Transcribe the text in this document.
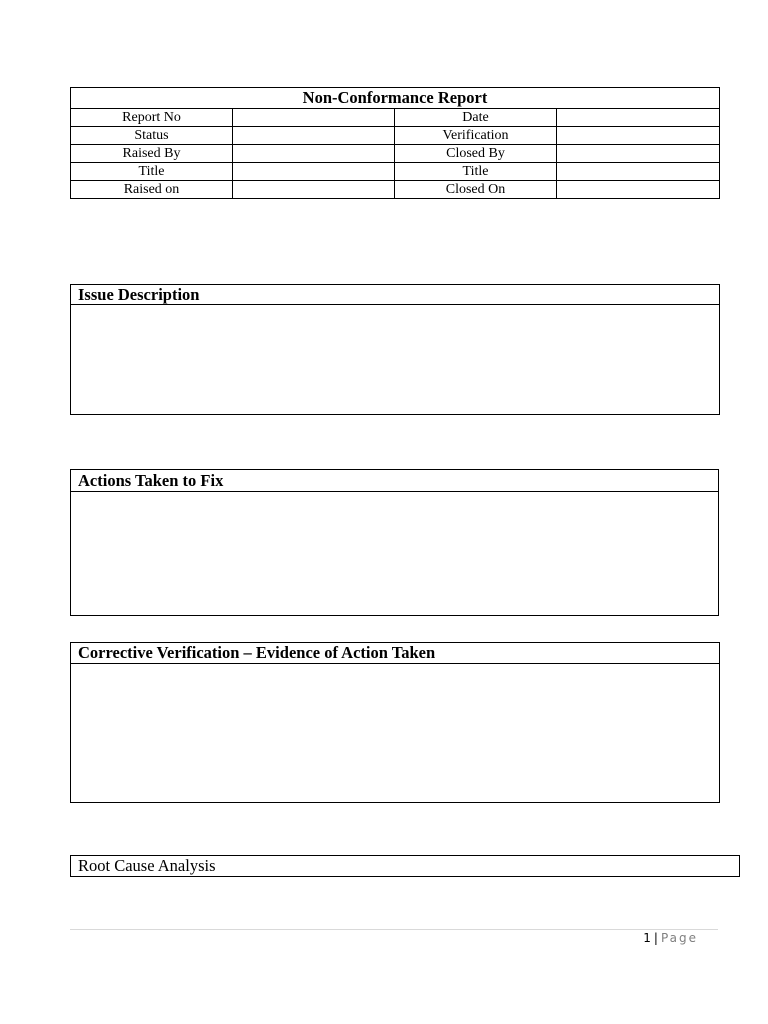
Non-Conformance Report			
Report No		Date	
Status		Verification	
Raised By		Closed By	
Title		Title	
Raised on		Closed On	
Issue Description
Actions Taken to Fix
Corrective Verification – Evidence of Action Taken
Root Cause Analysis
1 | Page
